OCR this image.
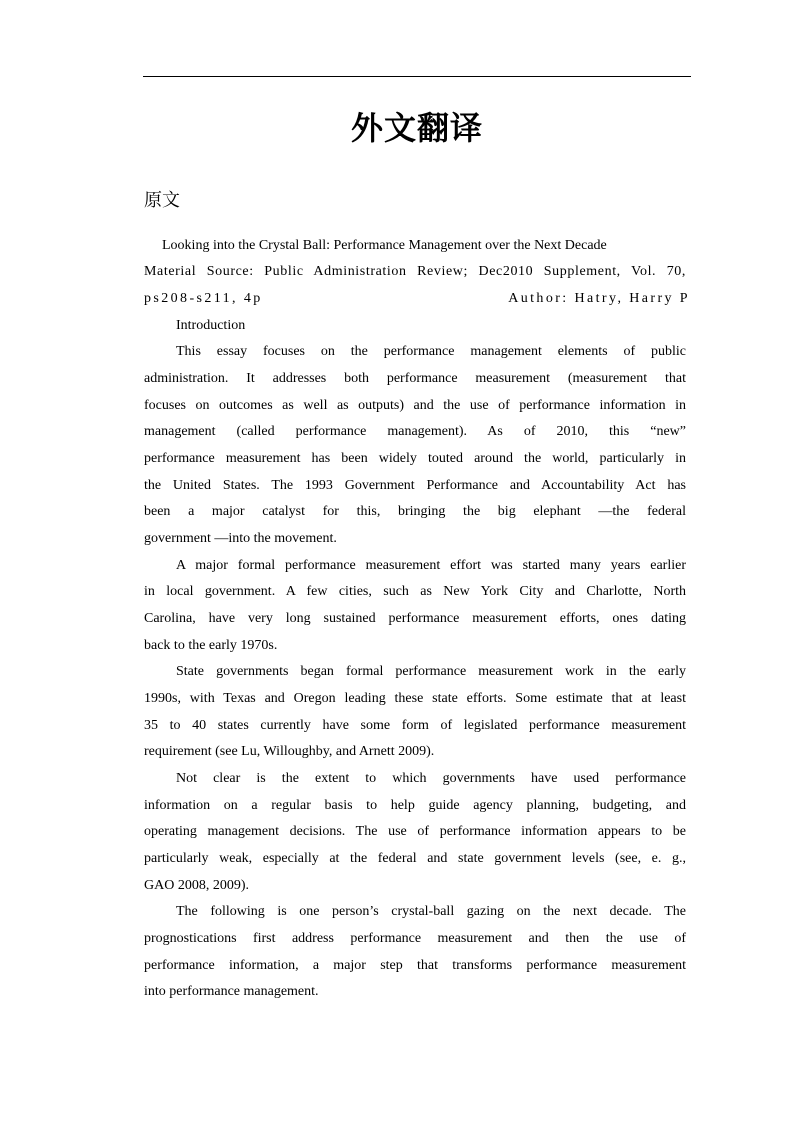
外文翻译
原文
Looking into the Crystal Ball: Performance Management over the Next Decade
Material Source: Public Administration Review; Dec2010 Supplement, Vol. 70,
ps208-s211, 4p	Author: Hatry, Harry P
Introduction
This essay focuses on the performance management elements of public
administration. It addresses both performance measurement (measurement that
focuses on outcomes as well as outputs) and the use of performance information in
management (called performance management). As of 2010, this “new”
performance measurement has been widely touted around the world, particularly in
the United States. The 1993 Government Performance and Accountability Act has
been a major catalyst for this, bringing the big elephant —the federal
government —into the movement.
A major formal performance measurement effort was started many years earlier
in local government. A few cities, such as New York City and Charlotte, North
Carolina, have very long sustained performance measurement efforts, ones dating
back to the early 1970s.
State governments began formal performance measurement work in the early
1990s, with Texas and Oregon leading these state efforts. Some estimate that at least
35 to 40 states currently have some form of legislated performance measurement
requirement (see Lu, Willoughby, and Arnett 2009).
Not clear is the extent to which governments have used performance
information on a regular basis to help guide agency planning, budgeting, and
operating management decisions. The use of performance information appears to be
particularly weak, especially at the federal and state government levels (see, e. g.,
GAO 2008, 2009).
The following is one person’s crystal-ball gazing on the next decade. The
prognostications first address performance measurement and then the use of
performance information, a major step that transforms performance measurement
into performance management.
